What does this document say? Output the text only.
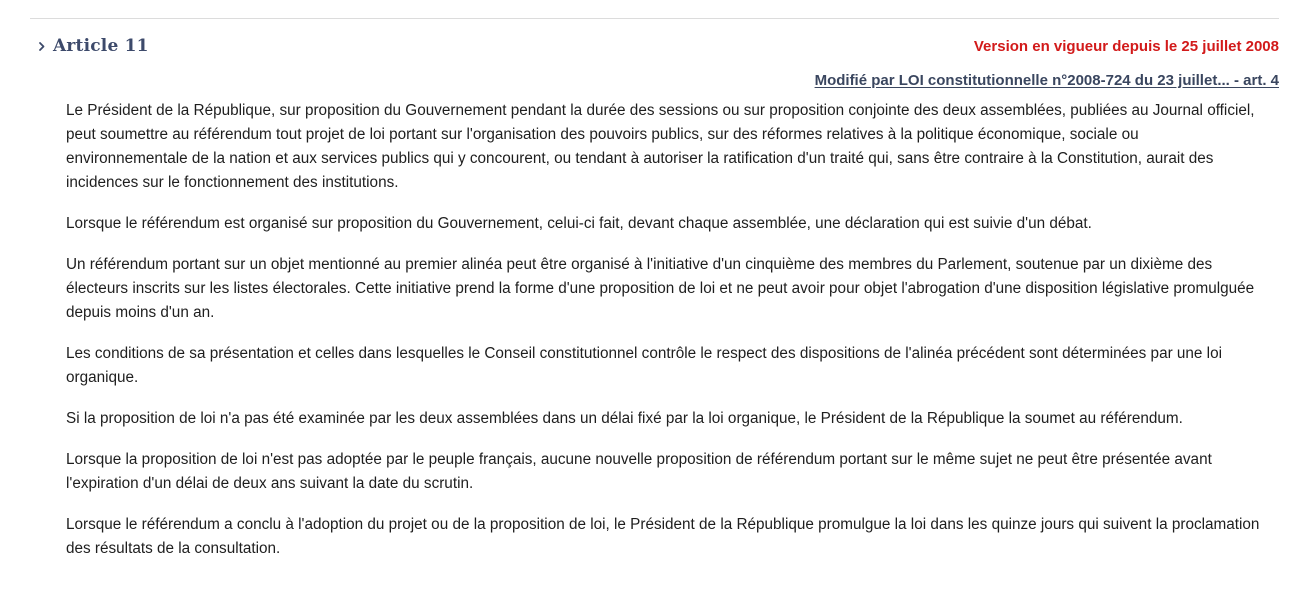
Article 11	Version en vigueur depuis le 25 juillet 2008
Modifié par LOI constitutionnelle n°2008-724 du 23 juillet... - art. 4

Le Président de la République, sur proposition du Gouvernement pendant la durée des sessions ou sur proposition conjointe des deux assemblées, publiées au Journal officiel, peut soumettre au référendum tout projet de loi portant sur l'organisation des pouvoirs publics, sur des réformes relatives à la politique économique, sociale ou environnementale de la nation et aux services publics qui y concourent, ou tendant à autoriser la ratification d'un traité qui, sans être contraire à la Constitution, aurait des incidences sur le fonctionnement des institutions.

Lorsque le référendum est organisé sur proposition du Gouvernement, celui-ci fait, devant chaque assemblée, une déclaration qui est suivie d'un débat.

Un référendum portant sur un objet mentionné au premier alinéa peut être organisé à l'initiative d'un cinquième des membres du Parlement, soutenue par un dixième des électeurs inscrits sur les listes électorales. Cette initiative prend la forme d'une proposition de loi et ne peut avoir pour objet l'abrogation d'une disposition législative promulguée depuis moins d'un an.

Les conditions de sa présentation et celles dans lesquelles le Conseil constitutionnel contrôle le respect des dispositions de l'alinéa précédent sont déterminées par une loi organique.

Si la proposition de loi n'a pas été examinée par les deux assemblées dans un délai fixé par la loi organique, le Président de la République la soumet au référendum.

Lorsque la proposition de loi n'est pas adoptée par le peuple français, aucune nouvelle proposition de référendum portant sur le même sujet ne peut être présentée avant l'expiration d'un délai de deux ans suivant la date du scrutin.

Lorsque le référendum a conclu à l'adoption du projet ou de la proposition de loi, le Président de la République promulgue la loi dans les quinze jours qui suivent la proclamation des résultats de la consultation.
